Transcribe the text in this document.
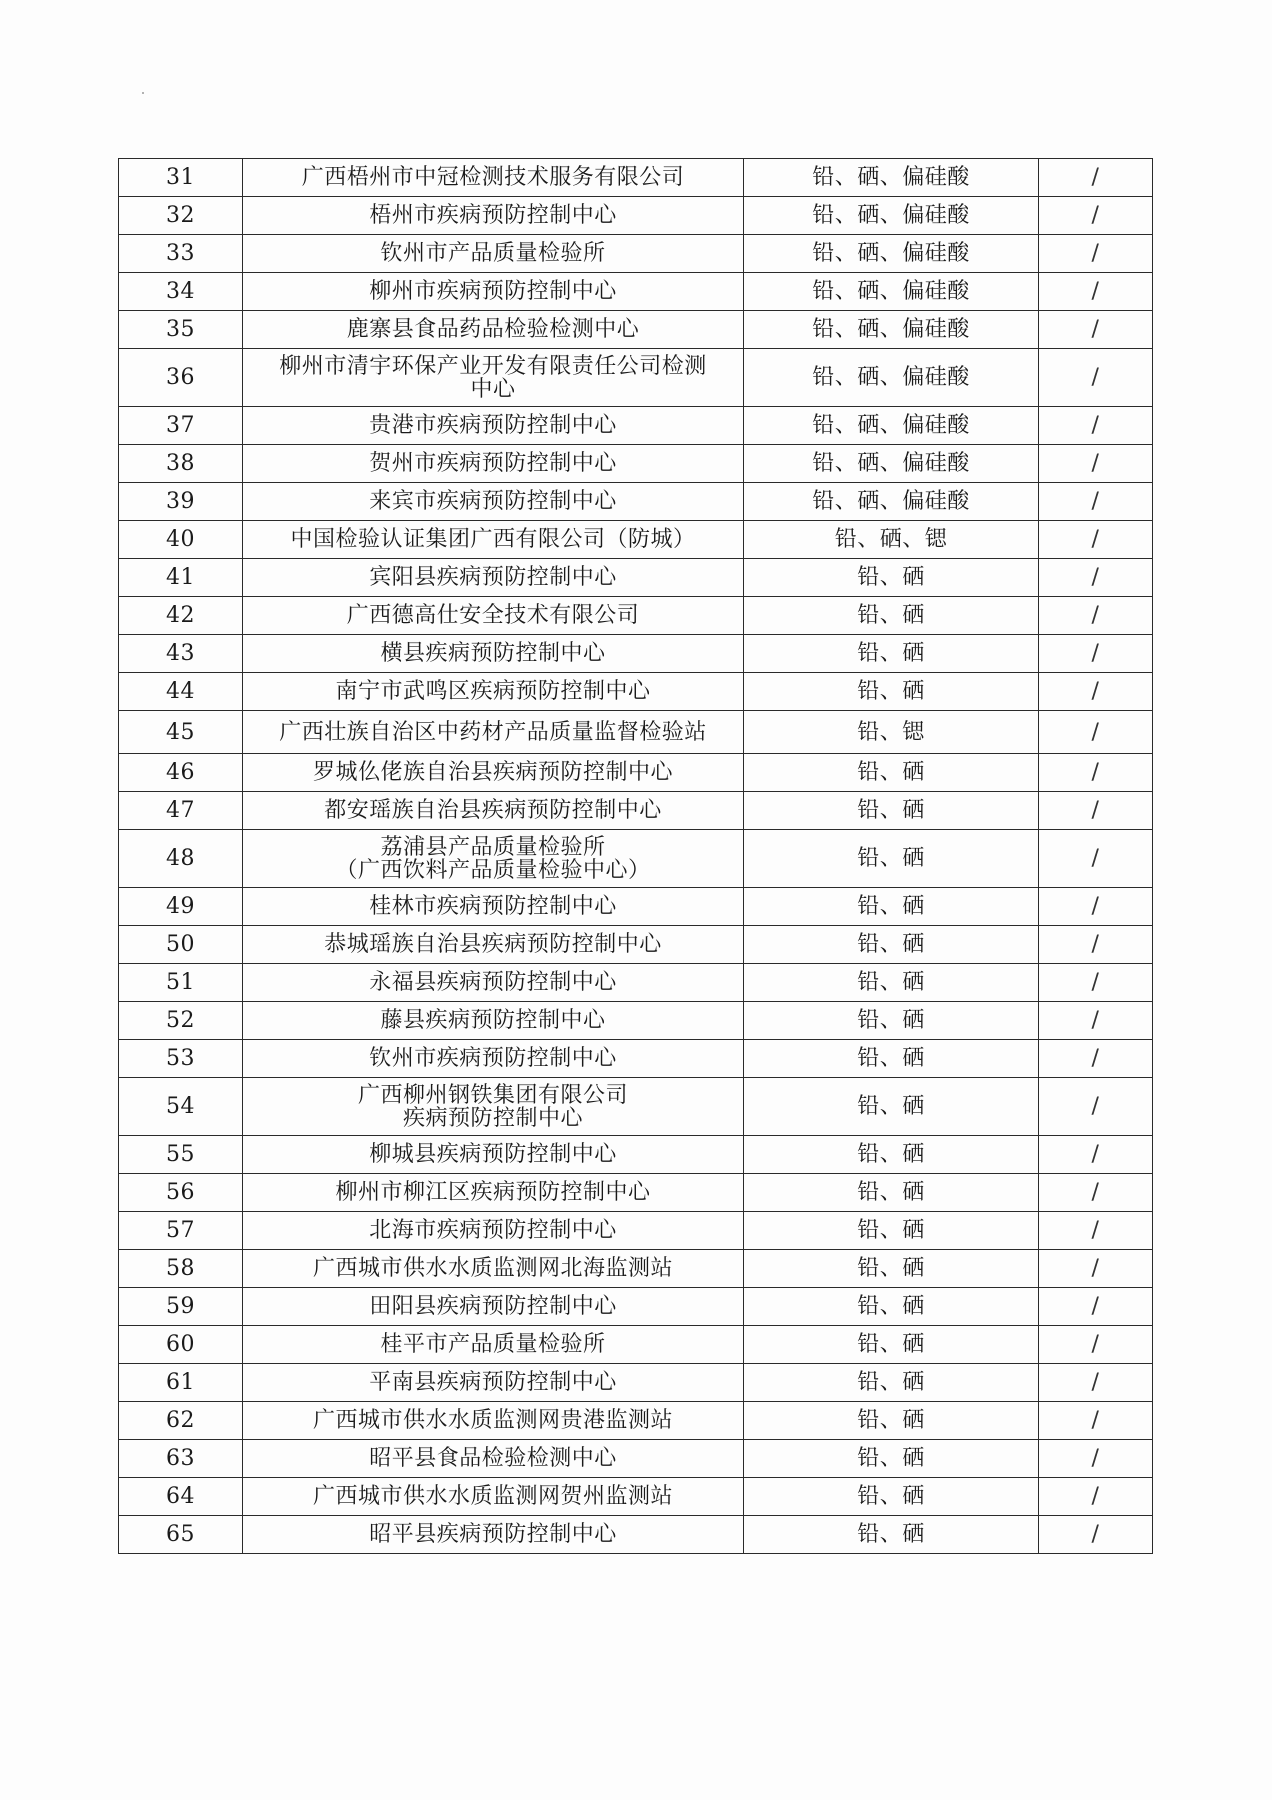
31	广西梧州市中冠检测技术服务有限公司	铅、硒、偏硅酸	/
32	梧州市疾病预防控制中心	铅、硒、偏硅酸	/
33	钦州市产品质量检验所	铅、硒、偏硅酸	/
34	柳州市疾病预防控制中心	铅、硒、偏硅酸	/
35	鹿寨县食品药品检验检测中心	铅、硒、偏硅酸	/
36	柳州市清宇环保产业开发有限责任公司检测
中心	铅、硒、偏硅酸	/
37	贵港市疾病预防控制中心	铅、硒、偏硅酸	/
38	贺州市疾病预防控制中心	铅、硒、偏硅酸	/
39	来宾市疾病预防控制中心	铅、硒、偏硅酸	/
40	中国检验认证集团广西有限公司（防城）	铅、硒、锶	/
41	宾阳县疾病预防控制中心	铅、硒	/
42	广西德高仕安全技术有限公司	铅、硒	/
43	横县疾病预防控制中心	铅、硒	/
44	南宁市武鸣区疾病预防控制中心	铅、硒	/
45	广西壮族自治区中药材产品质量监督检验站	铅、锶	/
46	罗城仫佬族自治县疾病预防控制中心	铅、硒	/
47	都安瑶族自治县疾病预防控制中心	铅、硒	/
48	荔浦县产品质量检验所
（广西饮料产品质量检验中心）	铅、硒	/
49	桂林市疾病预防控制中心	铅、硒	/
50	恭城瑶族自治县疾病预防控制中心	铅、硒	/
51	永福县疾病预防控制中心	铅、硒	/
52	藤县疾病预防控制中心	铅、硒	/
53	钦州市疾病预防控制中心	铅、硒	/
54	广西柳州钢铁集团有限公司
疾病预防控制中心	铅、硒	/
55	柳城县疾病预防控制中心	铅、硒	/
56	柳州市柳江区疾病预防控制中心	铅、硒	/
57	北海市疾病预防控制中心	铅、硒	/
58	广西城市供水水质监测网北海监测站	铅、硒	/
59	田阳县疾病预防控制中心	铅、硒	/
60	桂平市产品质量检验所	铅、硒	/
61	平南县疾病预防控制中心	铅、硒	/
62	广西城市供水水质监测网贵港监测站	铅、硒	/
63	昭平县食品检验检测中心	铅、硒	/
64	广西城市供水水质监测网贺州监测站	铅、硒	/
65	昭平县疾病预防控制中心	铅、硒	/
